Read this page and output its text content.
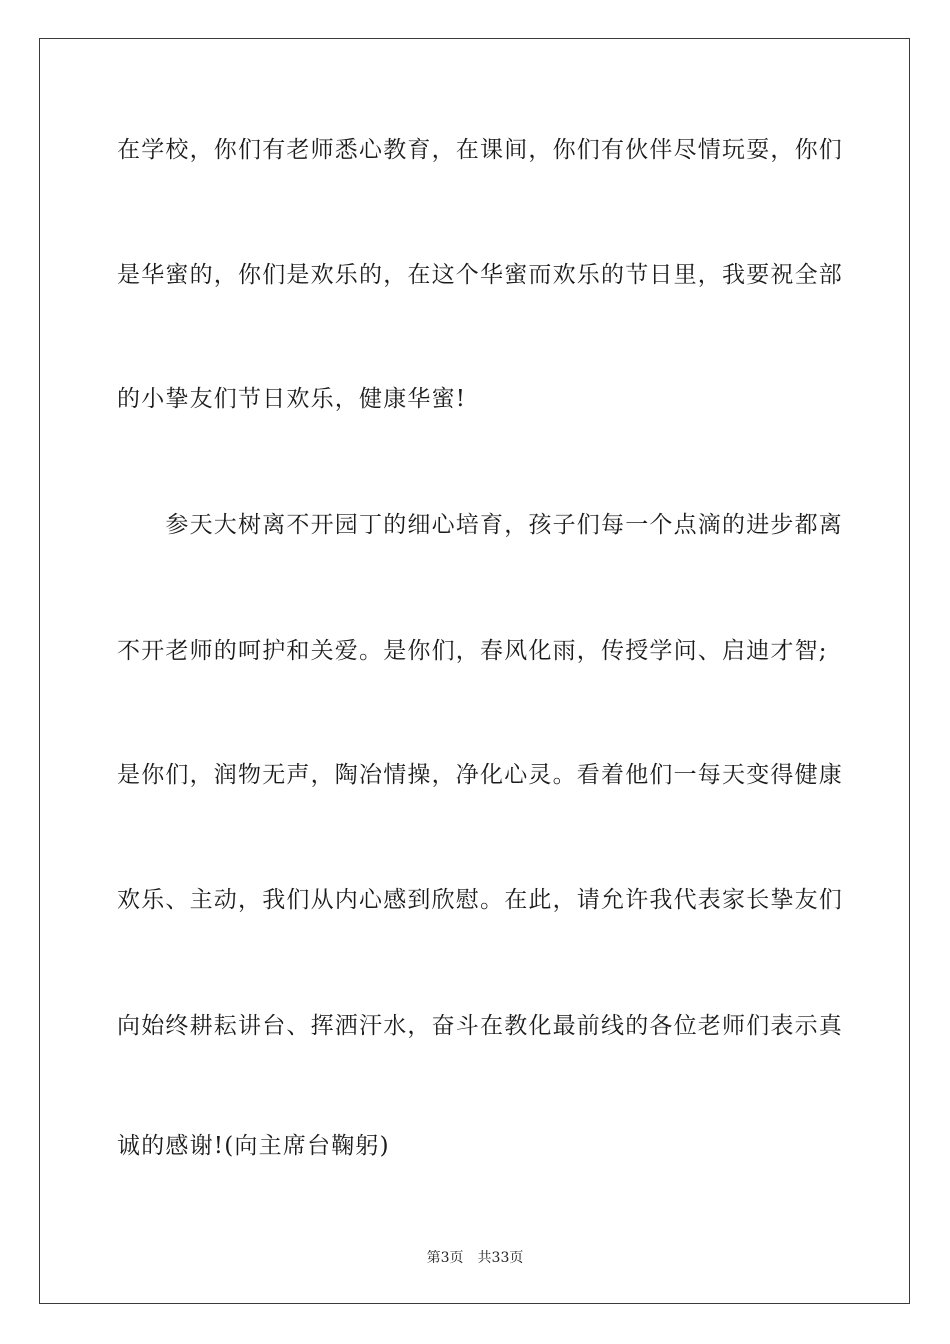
在学校，你们有老师悉心教育，在课间，你们有伙伴尽情玩耍，你们
是华蜜的，你们是欢乐的，在这个华蜜而欢乐的节日里，我要祝全部
的小挚友们节日欢乐，健康华蜜!
　　参天大树离不开园丁的细心培育，孩子们每一个点滴的进步都离
不开老师的呵护和关爱。是你们，春风化雨，传授学问、启迪才智;
是你们，润物无声，陶冶情操，净化心灵。看着他们一每天变得健康
欢乐、主动，我们从内心感到欣慰。在此，请允许我代表家长挚友们
向始终耕耘讲台、挥洒汗水，奋斗在教化最前线的各位老师们表示真
诚的感谢!(向主席台鞠躬)
第3页 共33页
